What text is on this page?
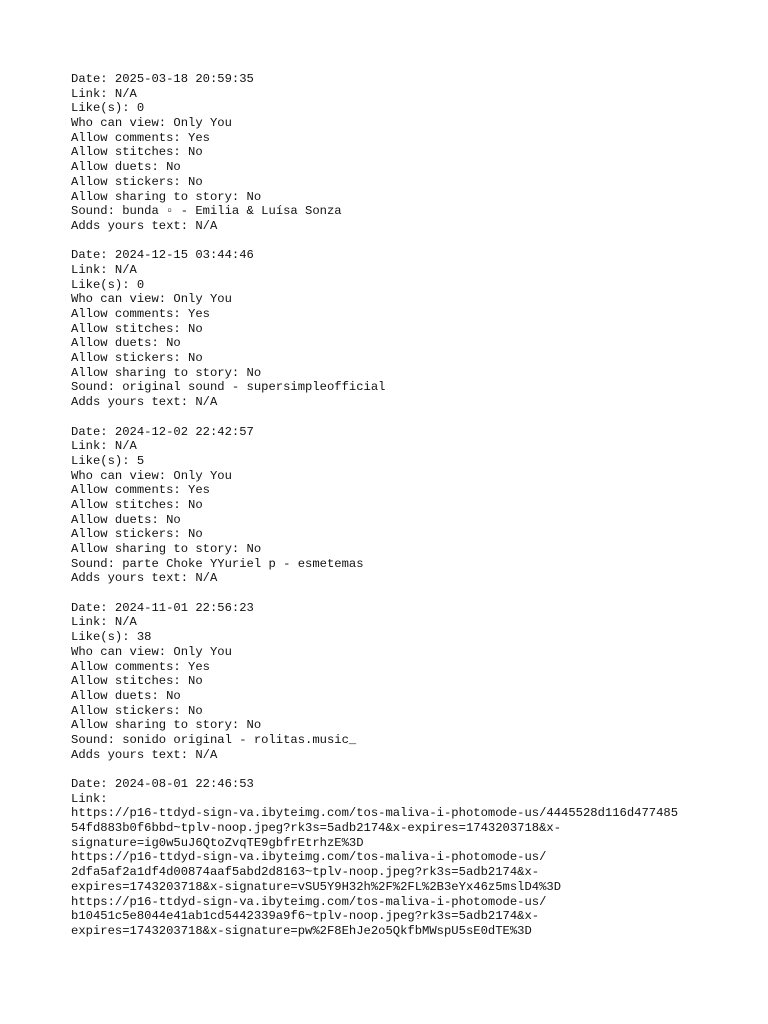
Date: 2025-03-18 20:59:35
Link: N/A
Like(s): 0
Who can view: Only You
Allow comments: Yes
Allow stitches: No
Allow duets: No
Allow stickers: No
Allow sharing to story: No
Sound: bunda ▫ - Emilia & Luísa Sonza
Adds yours text: N/A
Date: 2024-12-15 03:44:46
Link: N/A
Like(s): 0
Who can view: Only You
Allow comments: Yes
Allow stitches: No
Allow duets: No
Allow stickers: No
Allow sharing to story: No
Sound: original sound - supersimpleofficial
Adds yours text: N/A
Date: 2024-12-02 22:42:57
Link: N/A
Like(s): 5
Who can view: Only You
Allow comments: Yes
Allow stitches: No
Allow duets: No
Allow stickers: No
Allow sharing to story: No
Sound: parte Choke YYuriel p - esmetemas
Adds yours text: N/A
Date: 2024-11-01 22:56:23
Link: N/A
Like(s): 38
Who can view: Only You
Allow comments: Yes
Allow stitches: No
Allow duets: No
Allow stickers: No
Allow sharing to story: No
Sound: sonido original - rolitas.music_
Adds yours text: N/A
Date: 2024-08-01 22:46:53
Link:
https://p16-ttdyd-sign-va.ibyteimg.com/tos-maliva-i-photomode-us/4445528d116d477485
54fd883b0f6bbd~tplv-noop.jpeg?rk3s=5adb2174&x-expires=1743203718&x-
signature=ig0w5uJ6QtoZvqTE9gbfrEtrhzE%3D
https://p16-ttdyd-sign-va.ibyteimg.com/tos-maliva-i-photomode-us/
2dfa5af2a1df4d00874aaf5abd2d8163~tplv-noop.jpeg?rk3s=5adb2174&x-
expires=1743203718&x-signature=vSU5Y9H32h%2F%2FL%2B3eYx46z5mslD4%3D
https://p16-ttdyd-sign-va.ibyteimg.com/tos-maliva-i-photomode-us/
b10451c5e8044e41ab1cd5442339a9f6~tplv-noop.jpeg?rk3s=5adb2174&x-
expires=1743203718&x-signature=pw%2F8EhJe2o5QkfbMWspU5sE0dTE%3D
